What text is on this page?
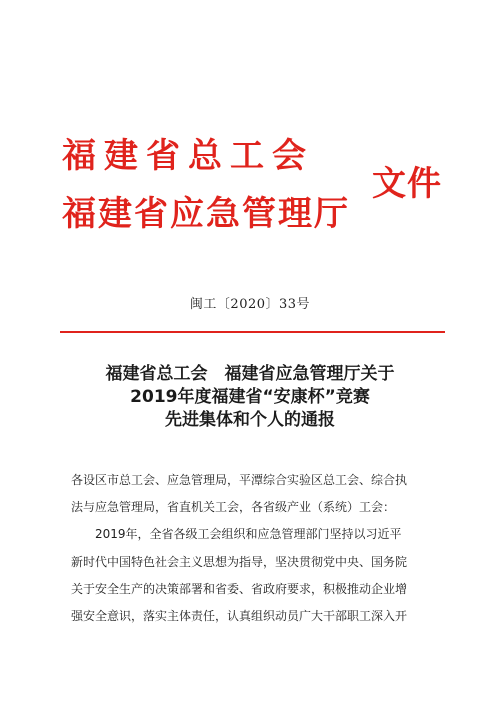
福建省总工会
福建省应急管理厅
文件
闽工〔2020〕33号
福建省总工会　福建省应急管理厅关于
2019年度福建省“安康杯”竞赛
先进集体和个人的通报
各设区市总工会、应急管理局，平潭综合实验区总工会、综合执
法与应急管理局，省直机关工会，各省级产业（系统）工会：
2019年，全省各级工会组织和应急管理部门坚持以习近平
新时代中国特色社会主义思想为指导，坚决贯彻党中央、国务院
关于安全生产的决策部署和省委、省政府要求，积极推动企业增
强安全意识，落实主体责任，认真组织动员广大干部职工深入开
